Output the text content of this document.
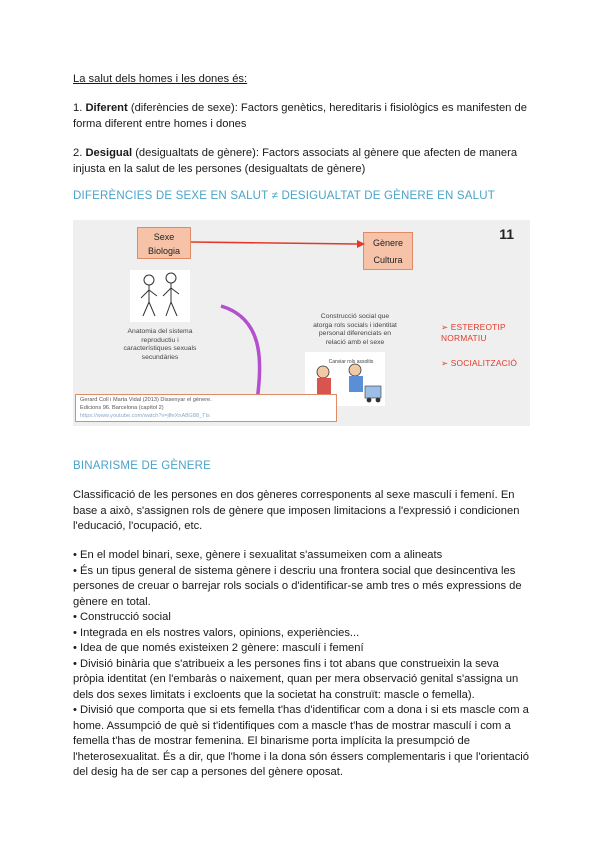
La salut dels homes i les dones és:
1. Diferent (diferències de sexe): Factors genètics, hereditaris i fisiològics es manifesten de forma diferent entre homes i dones
2. Desigual (desigualtats de gènere): Factors associats al gènere que afecten de manera injusta en la salut de les persones (desigualtats de gènere)
DIFERÈNCIES DE SEXE EN SALUT ≠ DESIGUALTAT DE GÈNERE EN SALUT
Sexe
Biologia
Gènere
Cultura
11
Canviar rols assolits
Anatomia del sistema reproductiu i característiques sexuals secundàries
Construcció social que atorga rols socials i identitat personal diferenciats en relació amb el sexe
➢ ESTEREOTIP NORMATIU
➢ SOCIALITZACIÓ
Gerard Coll i Marta Vidal (2013) Dissenyar el gènere.
Edicions 96. Barcelona (capítol 2)
https://www.youtube.com/watch?v=jlfeXnA8G88_TIs
BINARISME DE GÈNERE
Classificació de les persones en dos gèneres corresponents al sexe masculí i femení. En base a això, s'assignen rols de gènere que imposen limitacions a l'expressió i condicionen l'educació, l'ocupació, etc.
• En el model binari, sexe, gènere i sexualitat s'assumeixen com a alineats
• És un tipus general de sistema gènere i descriu una frontera social que desincentiva les persones de creuar o barrejar rols socials o d'identificar-se amb tres o més expressions de gènere en total.
• Construcció social
• Integrada en els nostres valors, opinions, experiències...
• Idea de que només existeixen 2 gènere: masculí i femení
• Divisió binària que s'atribueix a les persones fins i tot abans que construeixin la seva pròpia identitat (en l'embaràs o naixement, quan per mera observació genital s'assigna un dels dos sexes limitats i excloents que la societat ha construït: mascle o femella).
• Divisió que comporta que si ets femella t'has d'identificar com a dona i si ets mascle com a home. Assumpció de què si t'identifiques com a mascle t'has de mostrar masculí i com a femella t'has de mostrar femenina. El binarisme porta implícita la presumpció de l'heterosexualitat. És a dir, que l'home i la dona són éssers complementaris i que l'orientació del desig ha de ser cap a persones del gènere oposat.
